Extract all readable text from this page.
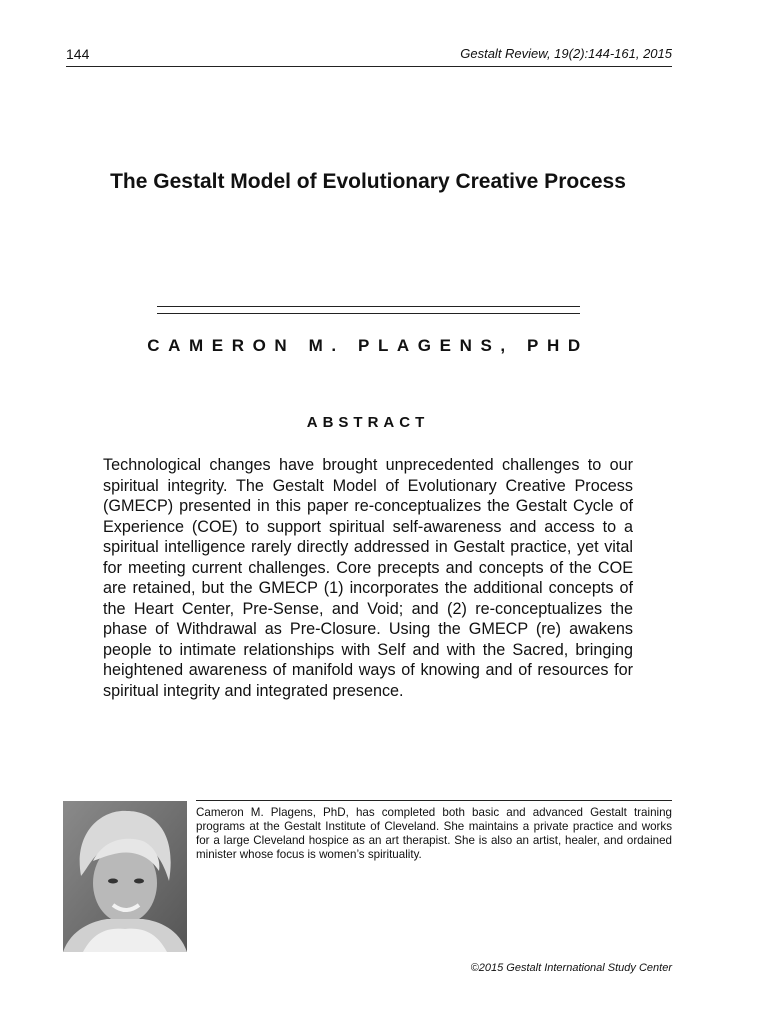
144	Gestalt Review, 19(2):144-161, 2015
The Gestalt Model of Evolutionary Creative Process
CAMERON M. PLAGENS, PHD
ABSTRACT
Technological changes have brought unprecedented challenges to our spiritual integrity. The Gestalt Model of Evolutionary Creative Process (GMECP) presented in this paper re-conceptualizes the Gestalt Cycle of Experience (COE) to support spiritual self-awareness and access to a spiritual intelligence rarely directly addressed in Gestalt practice, yet vital for meeting current challenges. Core precepts and concepts of the COE are retained, but the GMECP (1) incorporates the additional concepts of the Heart Center, Pre-Sense, and Void; and (2) re-conceptualizes the phase of Withdrawal as Pre-Closure. Using the GMECP (re) awakens people to intimate relationships with Self and with the Sacred, bringing heightened awareness of manifold ways of knowing and of resources for spiritual integrity and integrated presence.
Cameron M. Plagens, PhD, has completed both basic and advanced Gestalt training programs at the Gestalt Institute of Cleveland. She maintains a private practice and works for a large Cleveland hospice as an art therapist. She is also an artist, healer, and ordained minister whose focus is women’s spirituality.
©2015 Gestalt International Study Center
